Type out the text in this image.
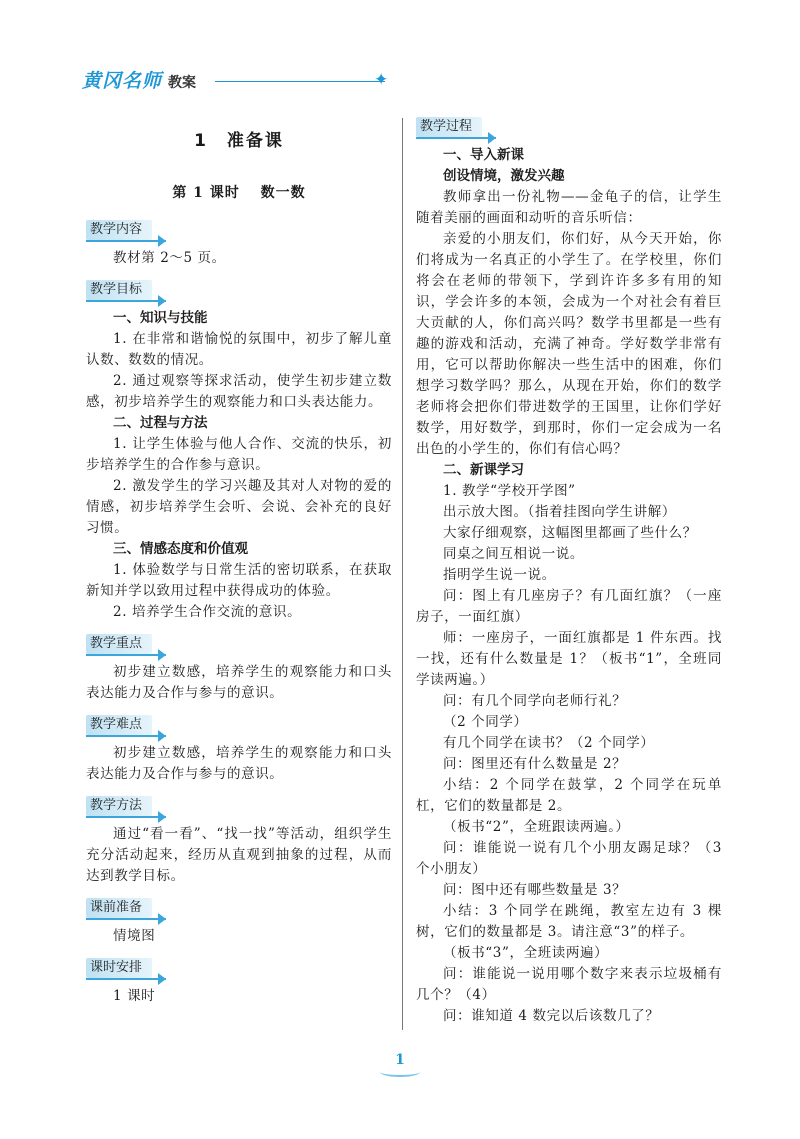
黄冈名师 教案	✦
1　准备课
第 1 课时　 数一数
教学内容

教材第 2～5 页。

教学目标

一、知识与技能

1. 在非常和谐愉悦的氛围中，初步了解儿童认数、数数的情况。

2. 通过观察等探求活动，使学生初步建立数感，初步培养学生的观察能力和口头表达能力。

二、过程与方法

1. 让学生体验与他人合作、交流的快乐，初步培养学生的合作参与意识。

2. 激发学生的学习兴趣及其对人对物的爱的情感，初步培养学生会听、会说、会补充的良好习惯。

三、情感态度和价值观

1. 体验数学与日常生活的密切联系，在获取新知并学以致用过程中获得成功的体验。

2. 培养学生合作交流的意识。

教学重点

初步建立数感，培养学生的观察能力和口头表达能力及合作与参与的意识。

教学难点

初步建立数感，培养学生的观察能力和口头表达能力及合作与参与的意识。

教学方法

通过“看一看”、“找一找”等活动，组织学生充分活动起来，经历从直观到抽象的过程，从而达到教学目标。

课前准备

情境图

课时安排

1 课时

教学过程

一、导入新课

创设情境，激发兴趣

教师拿出一份礼物——金龟子的信，让学生随着美丽的画面和动听的音乐听信：

亲爱的小朋友们，你们好，从今天开始，你们将成为一名真正的小学生了。在学校里，你们将会在老师的带领下，学到许许多多有用的知识，学会许多的本领，会成为一个对社会有着巨大贡献的人，你们高兴吗？数学书里都是一些有趣的游戏和活动，充满了神奇。学好数学非常有用，它可以帮助你解决一些生活中的困难，你们想学习数学吗？那么，从现在开始，你们的数学老师将会把你们带进数学的王国里，让你们学好数学，用好数学，到那时，你们一定会成为一名出色的小学生的，你们有信心吗？

二、新课学习

1. 教学“学校开学图”

出示放大图。（指着挂图向学生讲解）

大家仔细观察，这幅图里都画了些什么？

同桌之间互相说一说。

指明学生说一说。

问：图上有几座房子？有几面红旗？（一座房子，一面红旗）

师：一座房子，一面红旗都是 1 件东西。找一找，还有什么数量是 1？（板书“1”，全班同学读两遍。）

问：有几个同学向老师行礼？

（2 个同学）

有几个同学在读书？（2 个同学）

问：图里还有什么数量是 2？

小结：2 个同学在鼓掌，2 个同学在玩单杠，它们的数量都是 2。

（板书“2”，全班跟读两遍。）

问：谁能说一说有几个小朋友踢足球？（3 个小朋友）

问：图中还有哪些数量是 3？

小结：3 个同学在跳绳，教室左边有 3 棵树，它们的数量都是 3。请注意“3”的样子。

（板书“3”，全班读两遍）

问：谁能说一说用哪个数字来表示垃圾桶有几个？（4）

问：谁知道 4 数完以后该数几了？

1
